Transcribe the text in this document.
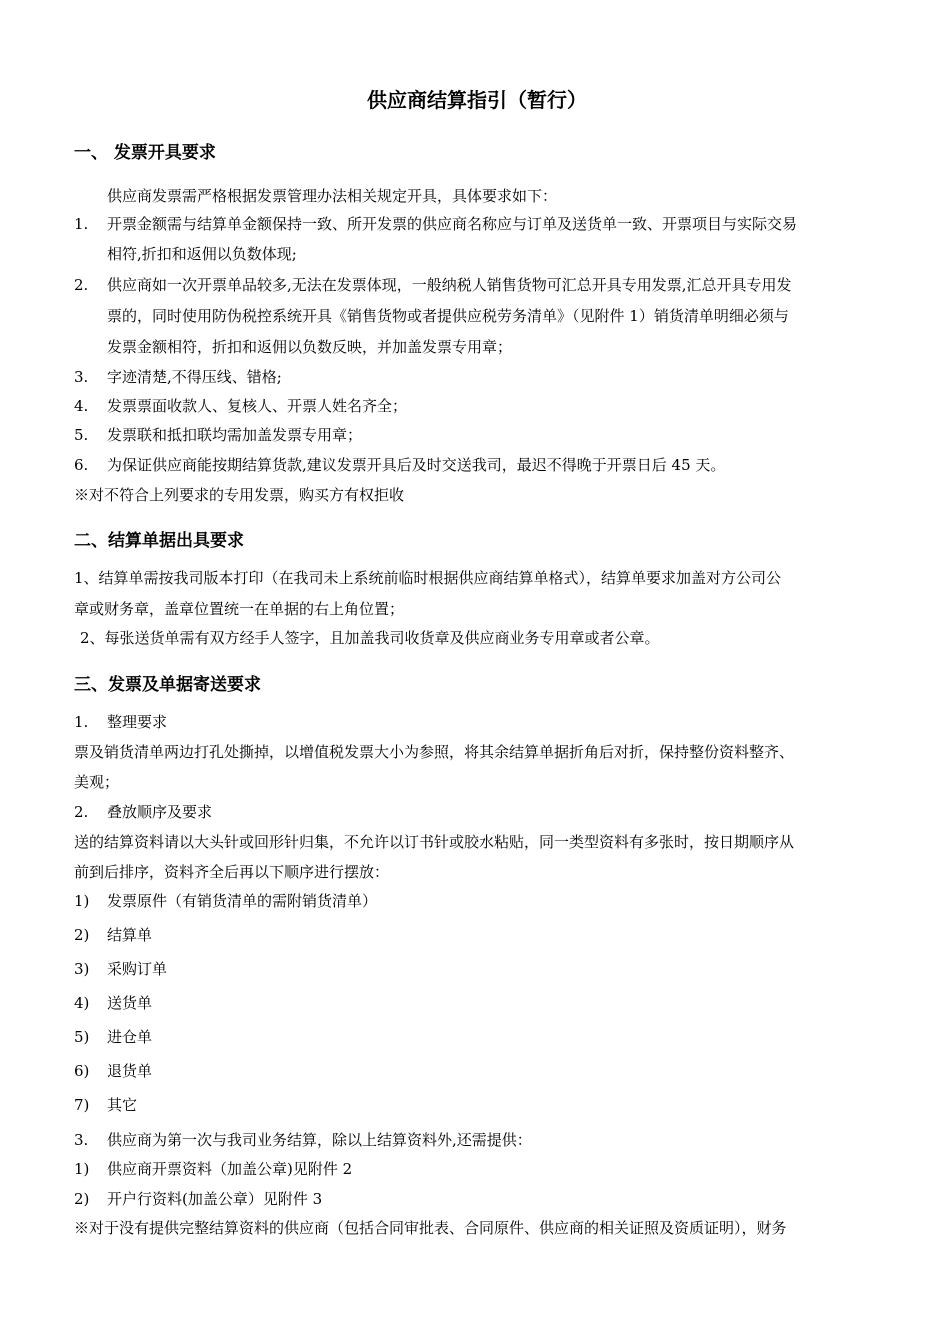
供应商结算指引（暂行）
一、 发票开具要求
供应商发票需严格根据发票管理办法相关规定开具，具体要求如下：
1. 开票金额需与结算单金额保持一致、所开发票的供应商名称应与订单及送货单一致、开票项目与实际交易
相符,折扣和返佣以负数体现;
2. 供应商如一次开票单品较多,无法在发票体现，一般纳税人销售货物可汇总开具专用发票,汇总开具专用发
票的，同时使用防伪税控系统开具《销售货物或者提供应税劳务清单》（见附件 1）销货清单明细必须与
发票金额相符，折扣和返佣以负数反映，并加盖发票专用章；
3. 字迹清楚,不得压线、错格;
4. 发票票面收款人、复核人、开票人姓名齐全；
5. 发票联和抵扣联均需加盖发票专用章；
6. 为保证供应商能按期结算货款,建议发票开具后及时交送我司，最迟不得晚于开票日后 45 天。
※对不符合上列要求的专用发票，购买方有权拒收
二、结算单据出具要求
1、结算单需按我司版本打印（在我司未上系统前临时根据供应商结算单格式），结算单要求加盖对方公司公
章或财务章，盖章位置统一在单据的右上角位置；
2、每张送货单需有双方经手人签字，且加盖我司收货章及供应商业务专用章或者公章。
三、发票及单据寄送要求
1. 整理要求
票及销货清单两边打孔处撕掉，以增值税发票大小为参照，将其余结算单据折角后对折，保持整份资料整齐、
美观；
2. 叠放顺序及要求
送的结算资料请以大头针或回形针归集，不允许以订书针或胶水粘贴，同一类型资料有多张时，按日期顺序从
前到后排序，资料齐全后再以下顺序进行摆放：
1) 发票原件（有销货清单的需附销货清单）
2) 结算单
3) 采购订单
4) 送货单
5) 进仓单
6) 退货单
7) 其它
3. 供应商为第一次与我司业务结算，除以上结算资料外,还需提供：
1) 供应商开票资料（加盖公章)见附件 2
2) 开户行资料(加盖公章）见附件 3
※对于没有提供完整结算资料的供应商（包括合同审批表、合同原件、供应商的相关证照及资质证明），财务
